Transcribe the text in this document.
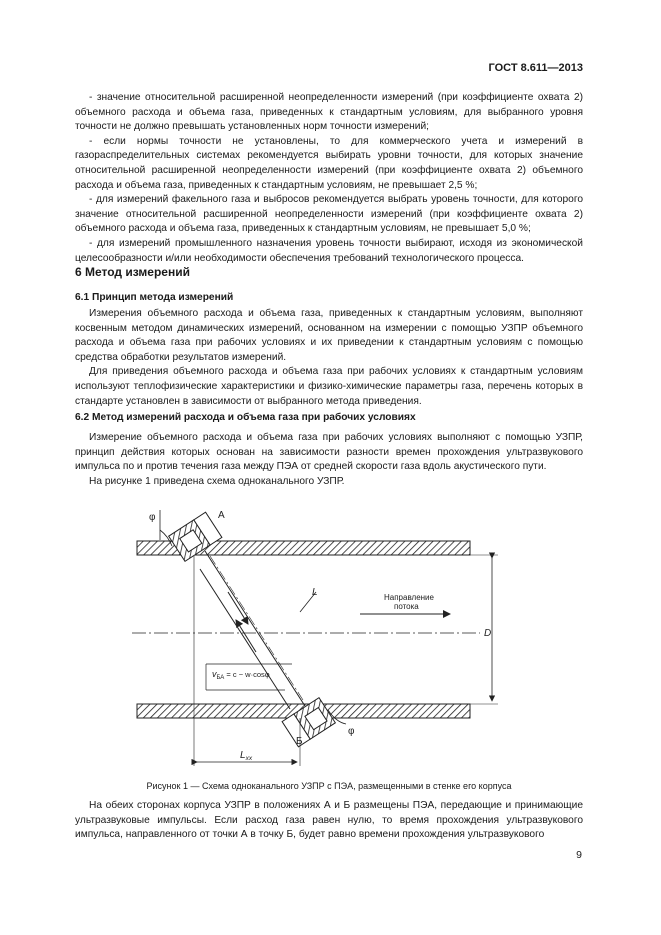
ГОСТ 8.611—2013

- значение относительной расширенной неопределенности измерений (при коэффициенте охвата 2) объемного расхода и объема газа, приведенных к стандартным условиям, для выбранного уровня точности не должно превышать установленных норм точности измерений;

- если нормы точности не установлены, то для коммерческого учета и измерений в газораспределительных системах рекомендуется выбирать уровни точности, для которых значение относительной расширенной неопределенности измерений (при коэффициенте охвата 2) объемного расхода и объема газа, приведенных к стандартным условиям, не превышает 2,5 %;

- для измерений факельного газа и выбросов рекомендуется выбрать уровень точности, для которого значение относительной расширенной неопределенности измерений (при коэффициенте охвата 2) объемного расхода и объема газа, приведенных к стандартным условиям, не превышает 5,0 %;

- для измерений промышленного назначения уровень точности выбирают, исходя из экономической целесообразности и/или необходимости обеспечения требований технологического процесса.

6 Метод измерений
6.1 Принцип метода измерений

Измерения объемного расхода и объема газа, приведенных к стандартным условиям, выполняют косвенным методом динамических измерений, основанном на измерении с помощью УЗПР объемного расхода и объема газа при рабочих условиях и их приведении к стандартным условиям с помощью средства обработки результатов измерений.

Для приведения объемного расхода и объема газа при рабочих условиях к стандартным условиям используют теплофизические характеристики и физико-химические параметры газа, перечень которых в стандарте установлен в зависимости от выбранного метода приведения.

6.2 Метод измерений расхода и объема газа при рабочих условиях

Измерение объемного расхода и объема газа при рабочих условиях выполняют с помощью УЗПР, принцип действия которых основан на зависимости разности времен прохождения ультразвукового импульса по и против течения газа между ПЭА от средней скорости газа вдоль акустического пути.

На рисунке 1 приведена схема одноканального УЗПР.

А
Б
φ
φ
L	Направление
потока
D
$v_{БА}$ $^{= c - w\cdot cos\varphi}$
$L_{xx}$
Рисунок 1 — Схема одноканального УЗПР с ПЭА, размещенными в стенке его корпуса

На обеих сторонах корпуса УЗПР в положениях А и Б размещены ПЭА, передающие и принимающие ультразвуковые импульсы. Если расход газа равен нулю, то время прохождения ультразвукового импульса, направленного от точки А в точку Б, будет равно времени прохождения ультразвукового

9
